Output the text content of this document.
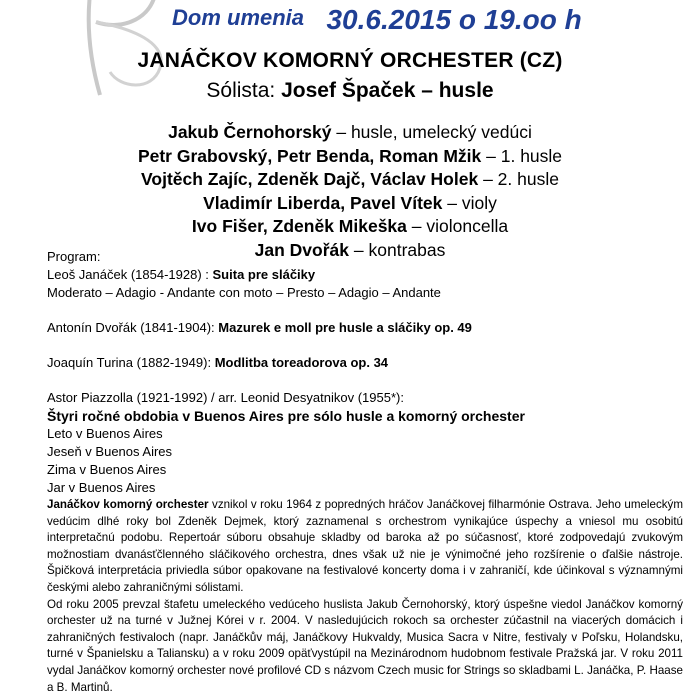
Dom umenia 30.6.2015 o 19.oo h
JANÁČKOV KOMORNÝ ORCHESTER (CZ)
Sólista: Josef Špaček – husle
Jakub Černohorský – husle, umelecký vedúci
Petr Grabovský, Petr Benda, Roman Mžik – 1. husle
Vojtěch Zajíc, Zdeněk Dajč, Václav Holek – 2. husle
Vladimír Liberda, Pavel Vítek – violy
Ivo Fišer, Zdeněk Mikeška – violoncella
Jan Dvořák – kontrabas
Program:
Leoš Janáček (1854-1928) : Suita pre sláčiky
Moderato – Adagio - Andante con moto – Presto – Adagio – Andante
Antonín Dvořák (1841-1904): Mazurek e moll pre husle a sláčiky op. 49
Joaquín Turina (1882-1949): Modlitba toreadorova op. 34
Astor Piazzolla (1921-1992) / arr. Leonid Desyatnikov (1955*):
Štyri ročné obdobia v Buenos Aires pre sólo husle a komorný orchester
Leto v Buenos Aires
Jeseň v Buenos Aires
Zima v Buenos Aires
Jar v Buenos Aires

Janáčkov komorný orchester vznikol v roku 1964 z popredných hráčov Janáčkovej filharmónie Ostrava. Jeho umeleckým vedúcim dlhé roky bol Zdeněk Dejmek, ktorý zaznamenal s orchestrom vynikajúce úspechy a vniesol mu osobitú interpretačnú podobu. Repertoár súboru obsahuje skladby od baroka až po súčasnosť, ktoré zodpovedajú zvukovým možnostiam dvanásťčlenného sláčikového orchestra, dnes však už nie je výnimočné jeho rozšírenie o ďalšie nástroje. Špičková interpretácia priviedla súbor opakovane na festivalové koncerty doma i v zahraničí, kde účinkoval s významnými českými alebo zahraničnými sólistami.

Od roku 2005 prevzal štafetu umeleckého vedúceho huslista Jakub Černohorský, ktorý úspešne viedol Janáčkov komorný orchester už na turné v Južnej Kórei v r. 2004. V nasledujúcich rokoch sa orchester zúčastnil na viacerých domácich i zahraničných festivaloch (napr. Janáčkův máj, Janáčkovy Hukvaldy, Musica Sacra v Nitre, festivaly v Poľsku, Holandsku, turné v Španielsku a Taliansku) a v roku 2009 opäťvystúpil na Mezinárodnom hudobnom festivale Pražská jar. V roku 2011 vydal Janáčkov komorný orchester nové profilové CD s názvom Czech music for Strings so skladbami L. Janáčka, P. Haase a B. Martinů.
